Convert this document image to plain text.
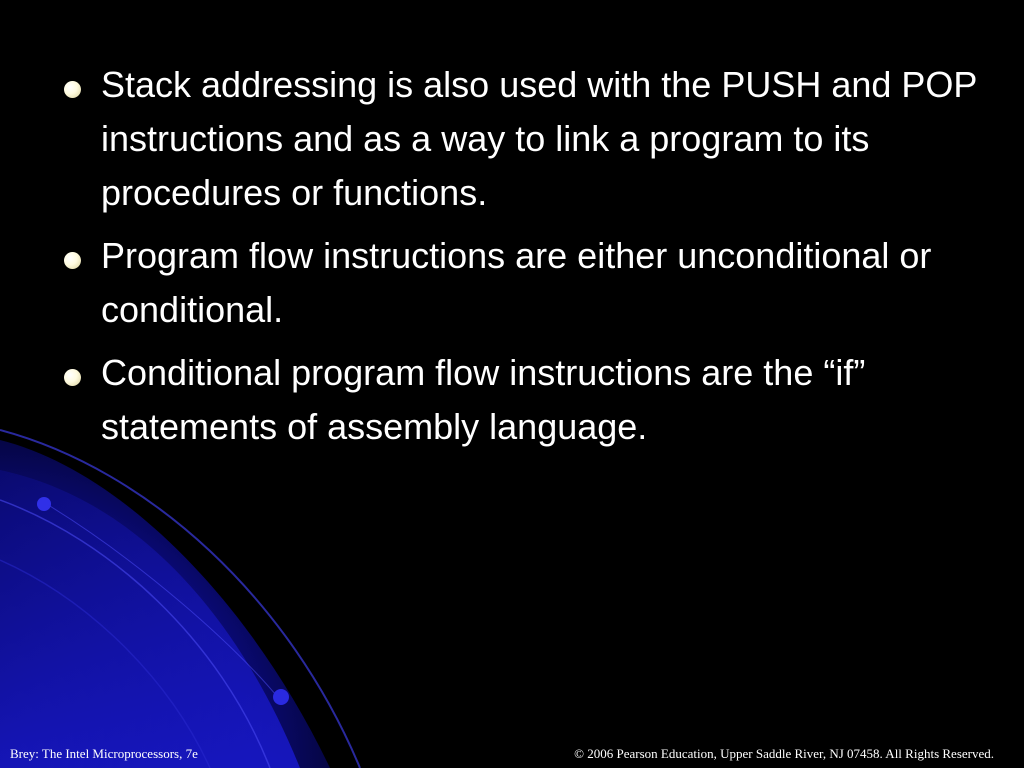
Stack addressing is also used with the PUSH and POP instructions and as a way to link a program to its procedures or functions.
Program flow instructions are either unconditional or conditional.
Conditional program flow instructions are the “if” statements of assembly language.
Brey: The Intel Microprocessors, 7e	© 2006 Pearson Education, Upper Saddle River, NJ 07458. All Rights Reserved.
